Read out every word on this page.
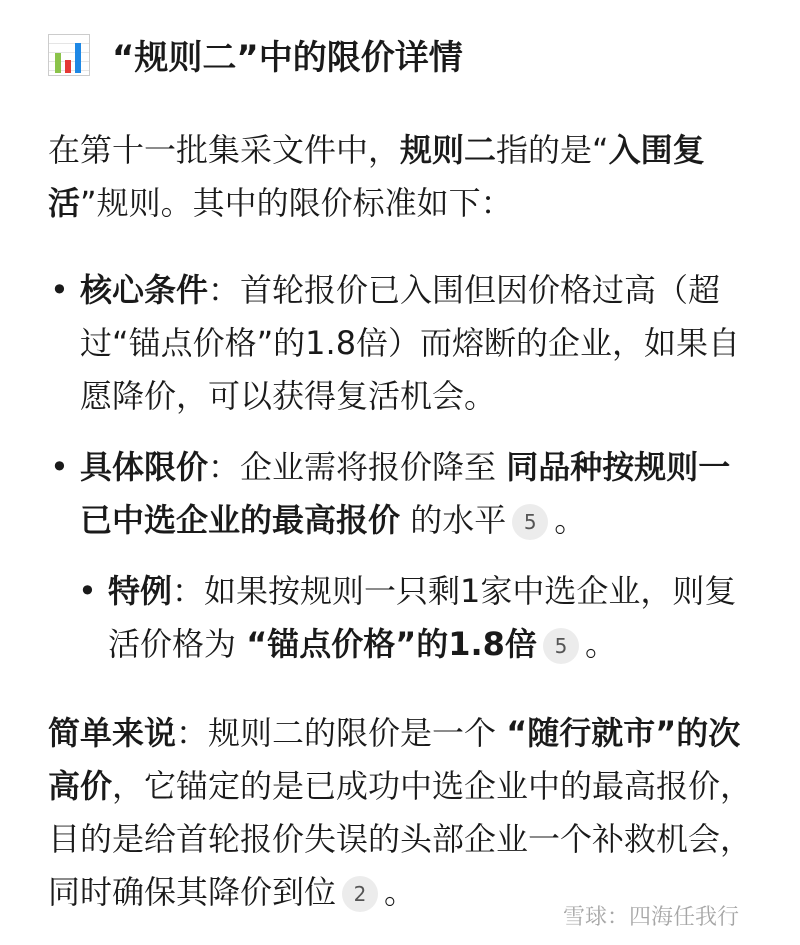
“规则二”中的限价详情

在第十一批集采文件中，规则二指的是“入围复活”规则。其中的限价标准如下：

• 核心条件：首轮报价已入围但因价格过高（超过“锚点价格”的1.8倍）而熔断的企业，如果自愿降价，可以获得复活机会。
• 具体限价：企业需将报价降至 同品种按规则一已中选企业的最高报价 的水平 5 。
• 特例：如果按规则一只剩1家中选企业，则复活价格为 “锚点价格”的1.8倍 5 。

简单来说：规则二的限价是一个 “随行就市”的次高价，它锚定的是已成功中选企业中的最高报价，目的是给首轮报价失误的头部企业一个补救机会，同时确保其降价到位 2 。

雪球：四海任我行
